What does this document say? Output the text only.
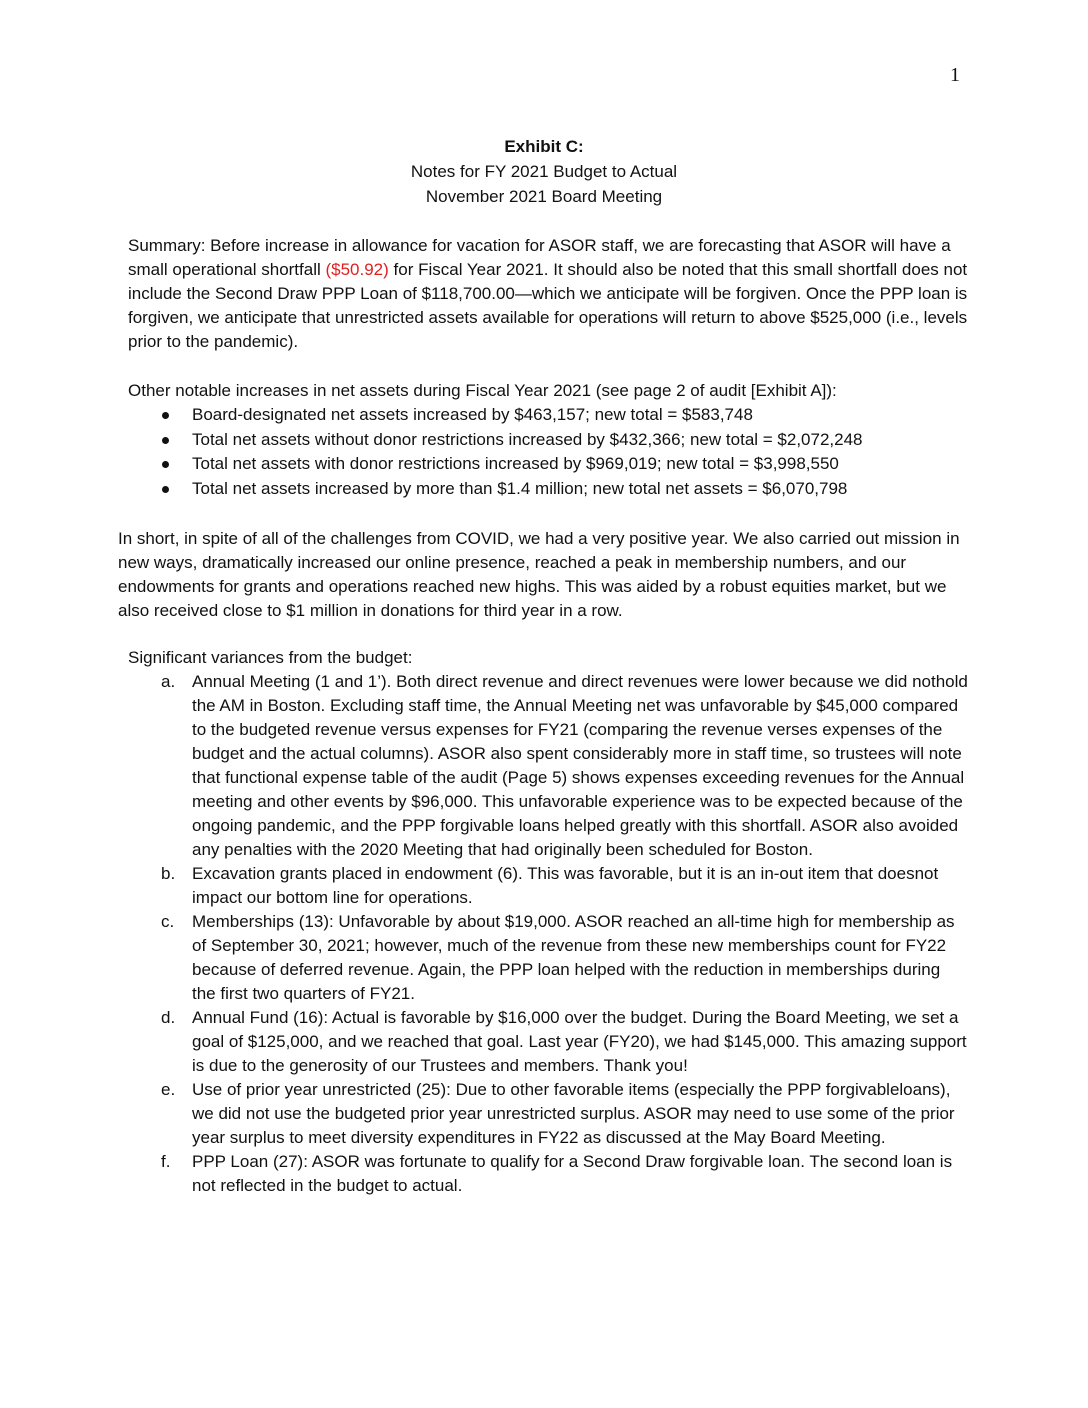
1
Exhibit C:
Notes for FY 2021 Budget to Actual
November 2021 Board Meeting

Summary: Before increase in allowance for vacation for ASOR staff, we are forecasting that ASOR will have a small operational shortfall ($50.92) for Fiscal Year 2021. It should also be noted that this small shortfall does not include the Second Draw PPP Loan of $118,700.00—which we anticipate will be forgiven. Once the PPP loan is forgiven, we anticipate that unrestricted assets available for operations will return to above $525,000 (i.e., levels prior to the pandemic).

Other notable increases in net assets during Fiscal Year 2021 (see page 2 of audit [Exhibit A]):

Board-designated net assets increased by $463,157; new total = $583,748
Total net assets without donor restrictions increased by $432,366; new total = $2,072,248
Total net assets with donor restrictions increased by $969,019; new total = $3,998,550
Total net assets increased by more than $1.4 million; new total net assets = $6,070,798

In short, in spite of all of the challenges from COVID, we had a very positive year. We also carried out mission in new ways, dramatically increased our online presence, reached a peak in membership numbers, and our endowments for grants and operations reached new highs. This was aided by a robust equities market, but we also received close to $1 million in donations for third year in a row.

Significant variances from the budget:

a. Annual Meeting (1 and 1’). Both direct revenue and direct revenues were lower because we did nothold the AM in Boston. Excluding staff time, the Annual Meeting net was unfavorable by $45,000 compared to the budgeted revenue versus expenses for FY21 (comparing the revenue verses expenses of the budget and the actual columns). ASOR also spent considerably more in staff time, so trustees will note that functional expense table of the audit (Page 5) shows expenses exceeding revenues for the Annual meeting and other events by $96,000. This unfavorable experience was to be expected because of the ongoing pandemic, and the PPP forgivable loans helped greatly with this shortfall. ASOR also avoided any penalties with the 2020 Meeting that had originally been scheduled for Boston.
b. Excavation grants placed in endowment (6). This was favorable, but it is an in-out item that doesnot impact our bottom line for operations.
c. Memberships (13): Unfavorable by about $19,000. ASOR reached an all-time high for membership as of September 30, 2021; however, much of the revenue from these new memberships count for FY22 because of deferred revenue. Again, the PPP loan helped with the reduction in memberships during the first two quarters of FY21.
d. Annual Fund (16): Actual is favorable by $16,000 over the budget. During the Board Meeting, we set a goal of $125,000, and we reached that goal. Last year (FY20), we had $145,000. This amazing support is due to the generosity of our Trustees and members. Thank you!
e. Use of prior year unrestricted (25): Due to other favorable items (especially the PPP forgivableloans), we did not use the budgeted prior year unrestricted surplus. ASOR may need to use some of the prior year surplus to meet diversity expenditures in FY22 as discussed at the May Board Meeting.
f. PPP Loan (27): ASOR was fortunate to qualify for a Second Draw forgivable loan. The second loan is not reflected in the budget to actual.
